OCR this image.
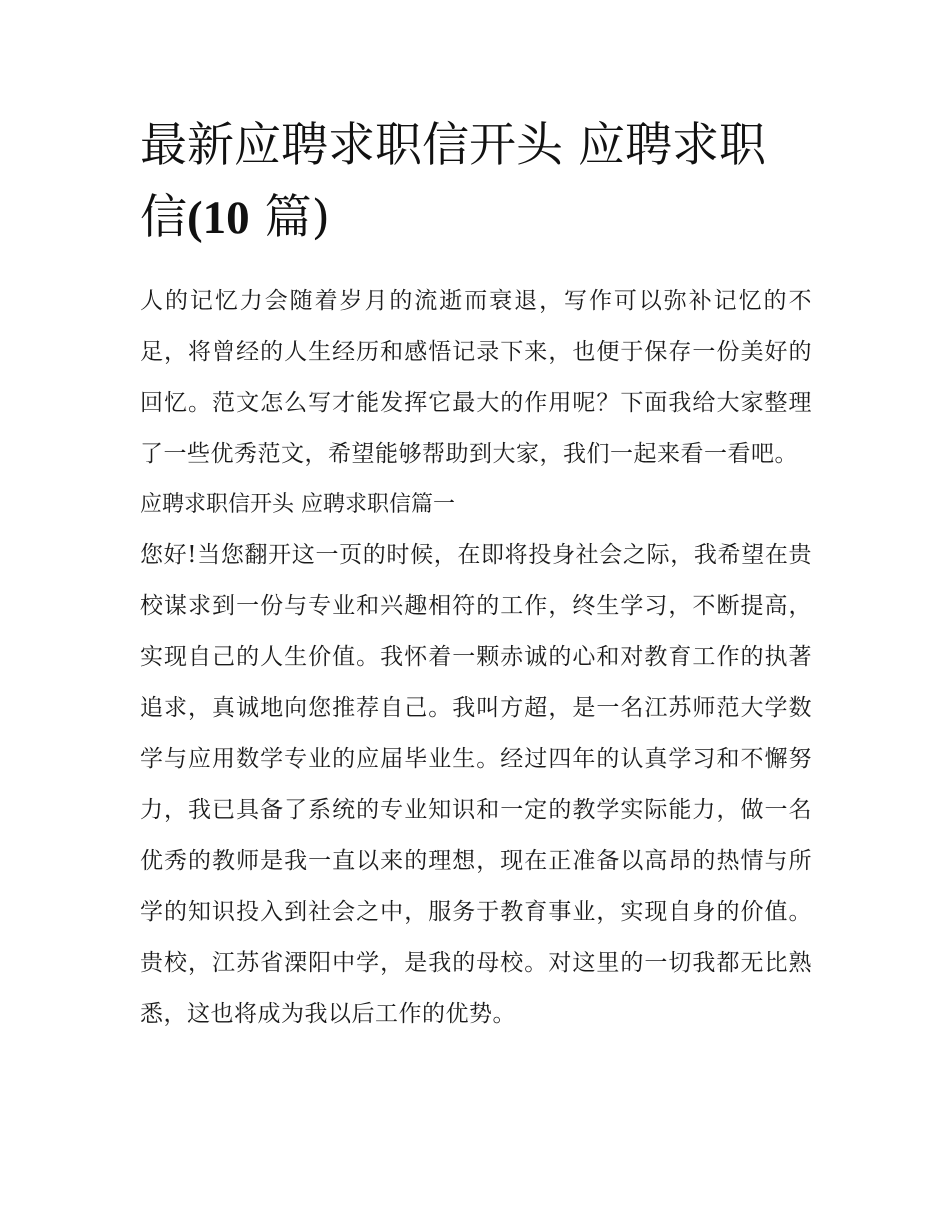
最新应聘求职信开头 应聘求职
信(10 篇)

人的记忆力会随着岁月的流逝而衰退，写作可以弥补记忆的不足，将曾经的人生经历和感悟记录下来，也便于保存一份美好的回忆。范文怎么写才能发挥它最大的作用呢？下面我给大家整理了一些优秀范文，希望能够帮助到大家，我们一起来看一看吧。

应聘求职信开头 应聘求职信篇一

您好!当您翻开这一页的时候，在即将投身社会之际，我希望在贵校谋求到一份与专业和兴趣相符的工作，终生学习，不断提高，实现自己的人生价值。我怀着一颗赤诚的心和对教育工作的执著追求，真诚地向您推荐自己。我叫方超，是一名江苏师范大学数学与应用数学专业的应届毕业生。经过四年的认真学习和不懈努力，我已具备了系统的专业知识和一定的教学实际能力，做一名优秀的教师是我一直以来的理想，现在正准备以高昂的热情与所学的知识投入到社会之中，服务于教育事业，实现自身的价值。贵校，江苏省溧阳中学，是我的母校。对这里的一切我都无比熟悉，这也将成为我以后工作的优势。
